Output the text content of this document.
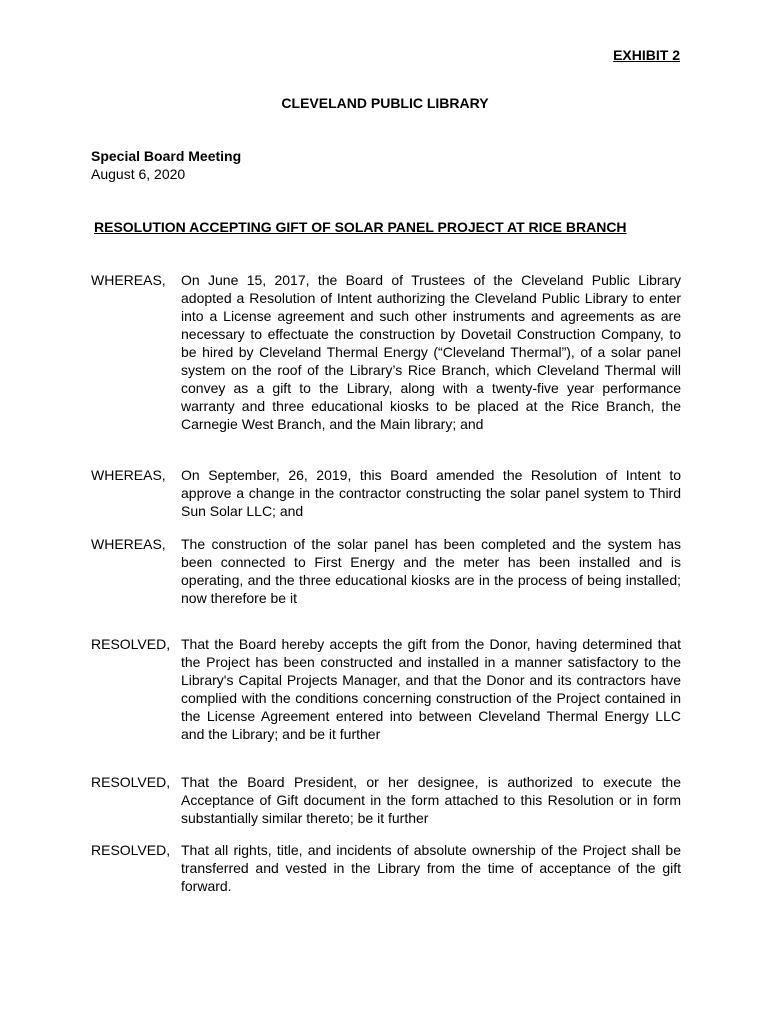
EXHIBIT 2
CLEVELAND PUBLIC LIBRARY
Special Board Meeting
August 6, 2020
RESOLUTION ACCEPTING GIFT OF SOLAR PANEL PROJECT AT RICE BRANCH
WHEREAS, On June 15, 2017, the Board of Trustees of the Cleveland Public Library adopted a Resolution of Intent authorizing the Cleveland Public Library to enter into a License agreement and such other instruments and agreements as are necessary to effectuate the construction by Dovetail Construction Company, to be hired by Cleveland Thermal Energy (“Cleveland Thermal”), of a solar panel system on the roof of the Library’s Rice Branch, which Cleveland Thermal will convey as a gift to the Library, along with a twenty-five year performance warranty and three educational kiosks to be placed at the Rice Branch, the Carnegie West Branch, and the Main library; and
WHEREAS, On September, 26, 2019, this Board amended the Resolution of Intent to approve a change in the contractor constructing the solar panel system to Third Sun Solar LLC; and
WHEREAS, The construction of the solar panel has been completed and the system has been connected to First Energy and the meter has been installed and is operating, and the three educational kiosks are in the process of being installed; now therefore be it
RESOLVED, That the Board hereby accepts the gift from the Donor, having determined that the Project has been constructed and installed in a manner satisfactory to the Library's Capital Projects Manager, and that the Donor and its contractors have complied with the conditions concerning construction of the Project contained in the License Agreement entered into between Cleveland Thermal Energy LLC and the Library; and be it further
RESOLVED, That the Board President, or her designee, is authorized to execute the Acceptance of Gift document in the form attached to this Resolution or in form substantially similar thereto; be it further
RESOLVED, That all rights, title, and incidents of absolute ownership of the Project shall be transferred and vested in the Library from the time of acceptance of the gift forward.
